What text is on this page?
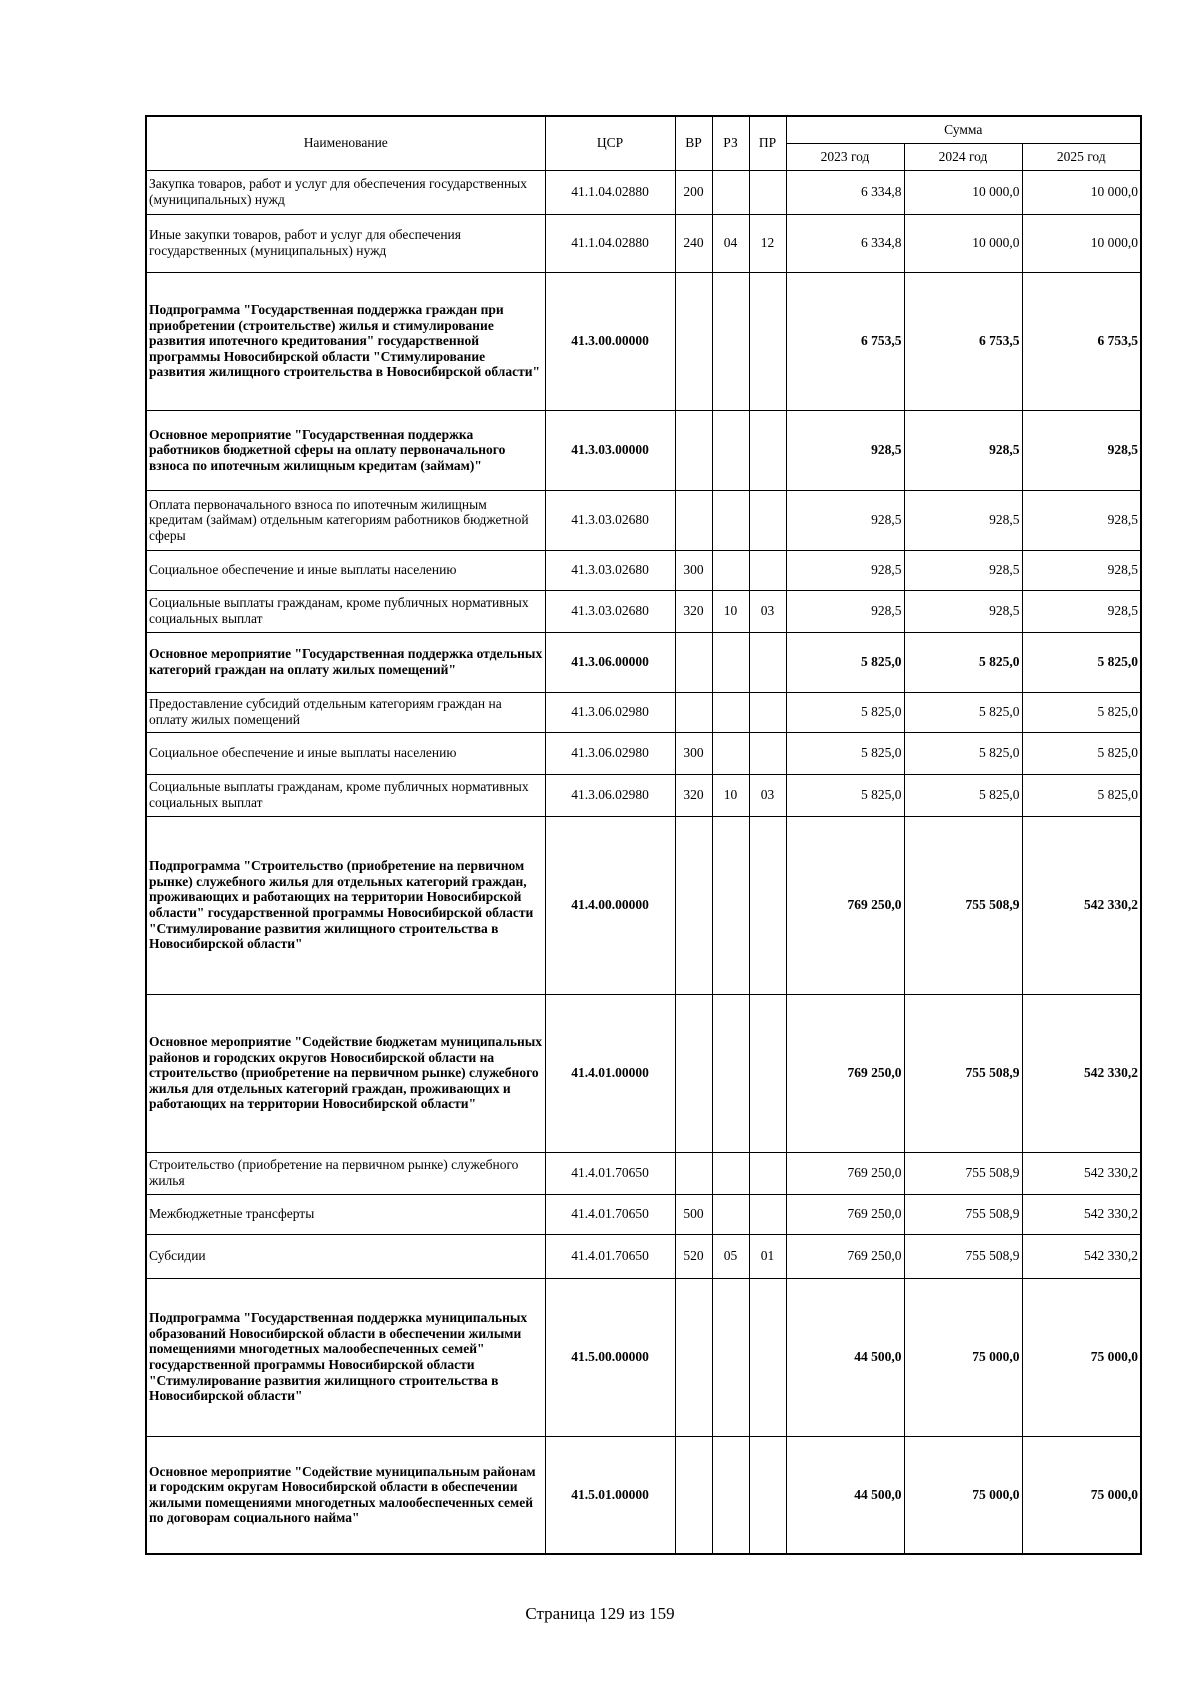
Наименование	ЦСР	ВР	РЗ	ПР	Сумма		
					2023 год	2024 год	2025 год
Закупка товаров, работ и услуг для обеспечения государственных (муниципальных) нужд	41.1.04.02880	200			6 334,8	10 000,0	10 000,0
Иные закупки товаров, работ и услуг для обеспечения государственных (муниципальных) нужд	41.1.04.02880	240	04	12	6 334,8	10 000,0	10 000,0
Подпрограмма "Государственная поддержка граждан при приобретении (строительстве) жилья и стимулирование развития ипотечного кредитования" государственной программы Новосибирской области "Стимулирование развития жилищного строительства в Новосибирской области"	41.3.00.00000				6 753,5	6 753,5	6 753,5
Основное мероприятие "Государственная поддержка работников бюджетной сферы на оплату первоначального взноса по ипотечным жилищным кредитам (займам)"	41.3.03.00000				928,5	928,5	928,5
Оплата первоначального взноса по ипотечным жилищным кредитам (займам) отдельным категориям работников бюджетной сферы	41.3.03.02680				928,5	928,5	928,5
Социальное обеспечение и иные выплаты населению	41.3.03.02680	300			928,5	928,5	928,5
Социальные выплаты гражданам, кроме публичных нормативных социальных выплат	41.3.03.02680	320	10	03	928,5	928,5	928,5
Основное мероприятие "Государственная поддержка отдельных категорий граждан на оплату жилых помещений"	41.3.06.00000				5 825,0	5 825,0	5 825,0
Предоставление субсидий отдельным категориям граждан на оплату жилых помещений	41.3.06.02980				5 825,0	5 825,0	5 825,0
Социальное обеспечение и иные выплаты населению	41.3.06.02980	300			5 825,0	5 825,0	5 825,0
Социальные выплаты гражданам, кроме публичных нормативных социальных выплат	41.3.06.02980	320	10	03	5 825,0	5 825,0	5 825,0
Подпрограмма "Строительство (приобретение на первичном рынке) служебного жилья для отдельных категорий граждан, проживающих и работающих на территории Новосибирской области" государственной программы Новосибирской области "Стимулирование развития жилищного строительства в Новосибирской области"	41.4.00.00000				769 250,0	755 508,9	542 330,2
Основное мероприятие "Содействие бюджетам муниципальных районов и городских округов Новосибирской области на строительство (приобретение на первичном рынке) служебного жилья для отдельных категорий граждан, проживающих и работающих на территории Новосибирской области"	41.4.01.00000				769 250,0	755 508,9	542 330,2
Строительство (приобретение на первичном рынке) служебного жилья	41.4.01.70650				769 250,0	755 508,9	542 330,2
Межбюджетные трансферты	41.4.01.70650	500			769 250,0	755 508,9	542 330,2
Субсидии	41.4.01.70650	520	05	01	769 250,0	755 508,9	542 330,2
Подпрограмма "Государственная поддержка муниципальных образований Новосибирской области в обеспечении жилыми помещениями многодетных малообеспеченных семей" государственной программы Новосибирской области "Стимулирование развития жилищного строительства в Новосибирской области"	41.5.00.00000				44 500,0	75 000,0	75 000,0
Основное мероприятие "Содействие муниципальным районам и городским округам Новосибирской области в обеспечении жилыми помещениями многодетных малообеспеченных семей по договорам социального найма"	41.5.01.00000				44 500,0	75 000,0	75 000,0
Страница 129 из 159
